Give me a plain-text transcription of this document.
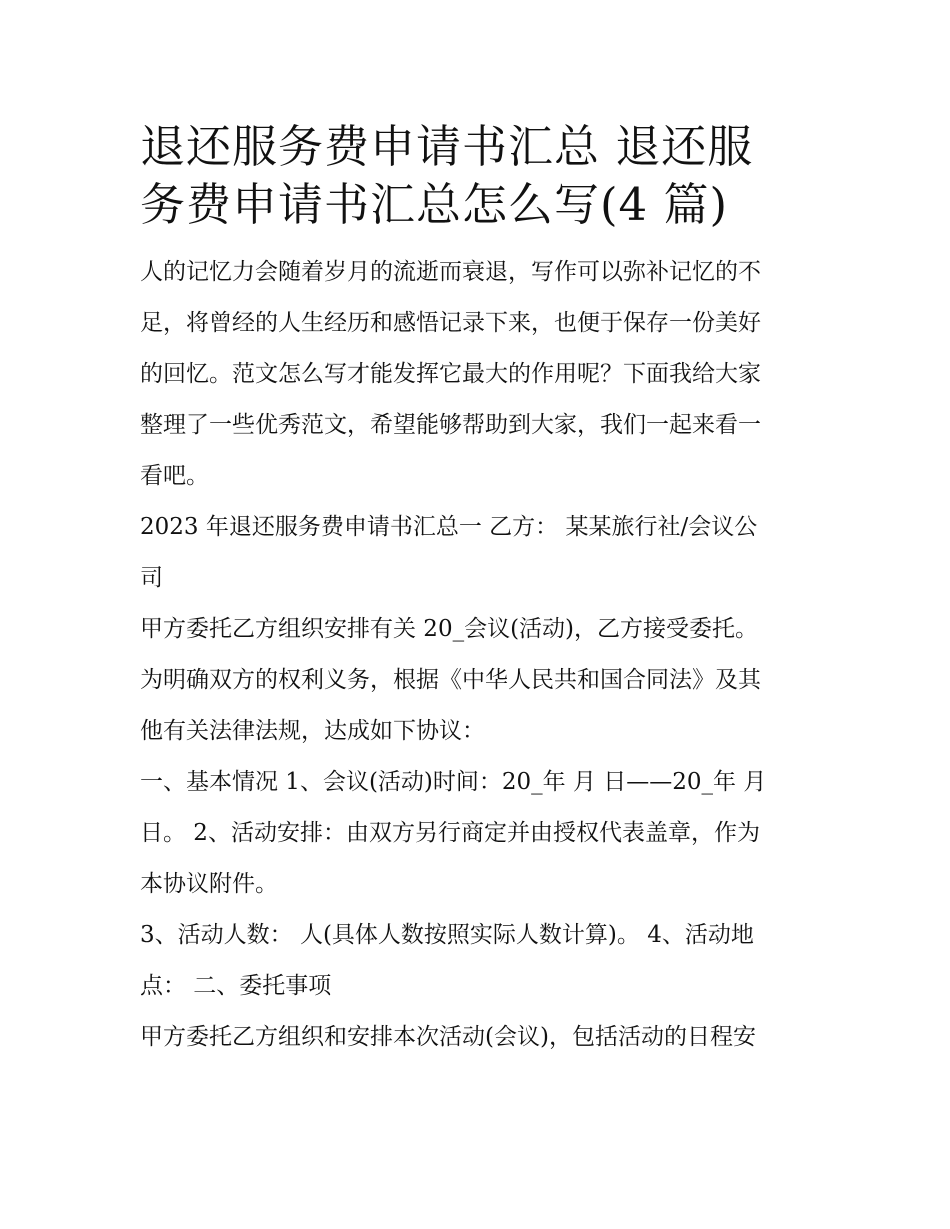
退还服务费申请书汇总 退还服
务费申请书汇总怎么写(4 篇)

人的记忆力会随着岁月的流逝而衰退，写作可以弥补记忆的不
足，将曾经的人生经历和感悟记录下来，也便于保存一份美好
的回忆。范文怎么写才能发挥它最大的作用呢？下面我给大家
整理了一些优秀范文，希望能够帮助到大家，我们一起来看一
看吧。

2023 年退还服务费申请书汇总一 乙方： 某某旅行社/会议公
司

甲方委托乙方组织安排有关 20_会议(活动)，乙方接受委托。
为明确双方的权利义务，根据《中华人民共和国合同法》及其
他有关法律法规，达成如下协议：

一、基本情况 1、会议(活动)时间：20_年 月 日——20_年 月
日。 2、活动安排：由双方另行商定并由授权代表盖章，作为
本协议附件。

3、活动人数： 人(具体人数按照实际人数计算)。 4、活动地
点： 二、委托事项

甲方委托乙方组织和安排本次活动(会议)，包括活动的日程安
